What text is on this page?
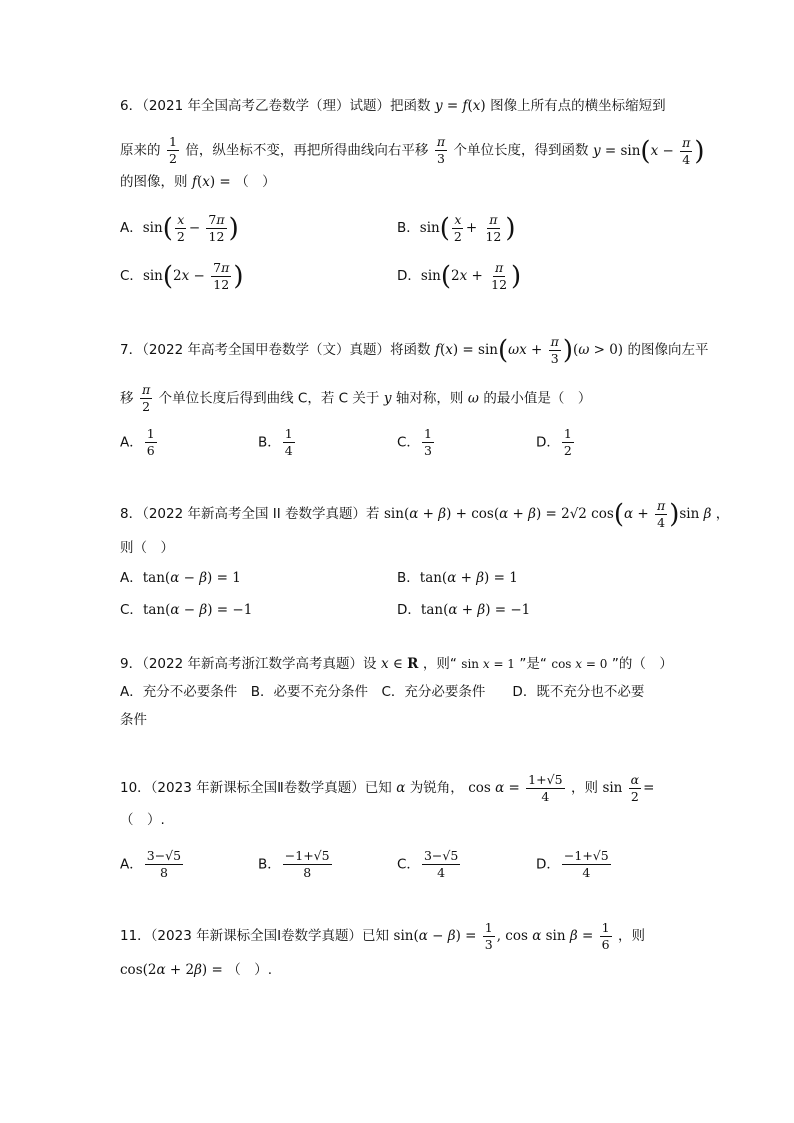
6．（2021 年全国高考乙卷数学（理）试题）把函数 y = f(x) 图像上所有点的横坐标缩短到
原来的 $\frac{1}{2}$ 倍，纵坐标不变，再把所得曲线向右平移 $\frac{\pi}{3}$ 个单位长度，得到函数 $y = \sin(x - \frac{\pi}{4}$ )
的图像，则 f(x) = （　）
A．$\sin( \frac{x}{2} - \frac{7\pi}{12}$ )	B．$\sin( \frac{x}{2} + \frac{\pi}{12}$ )
C．$\sin(2x - \frac{7\pi}{12}$ )	D．$\sin(2x + \frac{\pi}{12}$ )
7．（2022 年高考全国甲卷数学（文）真题）将函数 $f(x) = \sin(\omega x + \frac{\pi}{3} )(\omega > 0)$ 的图像向左平
移 $\frac{\pi}{2}$ 个单位长度后得到曲线 C，若 C 关于 y 轴对称，则 ω 的最小值是（　）
A． $\frac{1}{6}$	B． $\frac{1}{4}$	C． $\frac{1}{3}$	D． $\frac{1}{2}$
8．（2022 年新高考全国 II 卷数学真题）若 sin(α + β) + cos(α + β) = 2√2 $\cos(\alpha + \frac{\pi}{4} )\sin$ β ，
则（　）
A．tan(α − β) = 1	B．tan(α + β) = 1
C．tan(α − β) = −1	D．tan(α + β) = −1
9．（2022 年新高考浙江数学高考真题）设 x ∈ R ，则“ sin x = 1 ”是“ cos x = 0 ”的（　）
A．充分不必要条件　B．必要不充分条件　C．充分必要条件　　D．既不充分也不必要
条件
10．（2023 年新课标全国Ⅱ卷数学真题）已知 α 为锐角， $\cos \alpha = \frac{1+√5}{4}$ ，则 $\sin \frac{\alpha}{2}$ =
（　）.
A． $\frac{3-√5}{8}$	B． $\frac{-1+√5}{8}$	C． $\frac{3-√5}{4}$	D． $\frac{-1+√5}{4}$
11．（2023 年新课标全国Ⅰ卷数学真题）已知 $\sin(\alpha - \beta) = \frac{1}{3}$ , cos α $\sin \beta = \frac{1}{6}$ ，则
cos(2α + 2β) = （　）.
